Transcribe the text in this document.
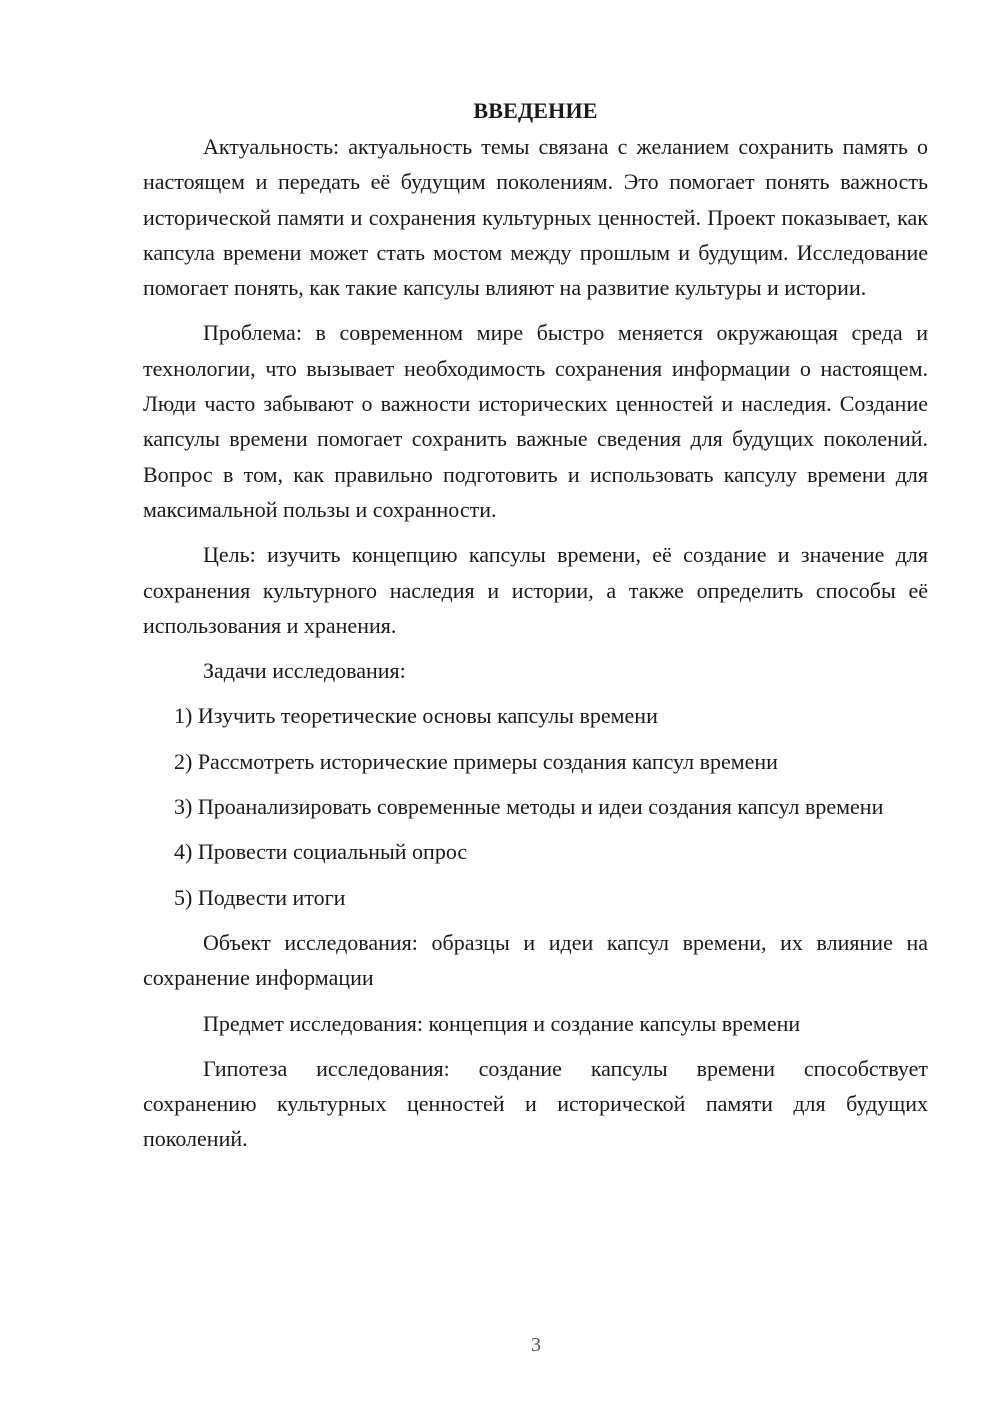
ВВЕДЕНИЕ

Актуальность: актуальность темы связана с желанием сохранить память о настоящем и передать её будущим поколениям. Это помогает понять важность исторической памяти и сохранения культурных ценностей. Проект показывает, как капсула времени может стать мостом между прошлым и будущим. Исследование помогает понять, как такие капсулы влияют на развитие культуры и истории.

Проблема: в современном мире быстро меняется окружающая среда и технологии, что вызывает необходимость сохранения информации о настоящем. Люди часто забывают о важности исторических ценностей и наследия. Создание капсулы времени помогает сохранить важные сведения для будущих поколений. Вопрос в том, как правильно подготовить и использовать капсулу времени для максимальной пользы и сохранности.

Цель: изучить концепцию капсулы времени, её создание и значение для сохранения культурного наследия и истории, а также определить способы её использования и хранения.

Задачи исследования:

1) Изучить теоретические основы капсулы времени

2) Рассмотреть исторические примеры создания капсул времени

3) Проанализировать современные методы и идеи создания капсул времени

4) Провести социальный опрос

5) Подвести итоги

Объект исследования: образцы и идеи капсул времени, их влияние на сохранение информации

Предмет исследования: концепция и создание капсулы времени

Гипотеза исследования: создание капсулы времени способствует сохранению культурных ценностей и исторической памяти для будущих поколений.

3
